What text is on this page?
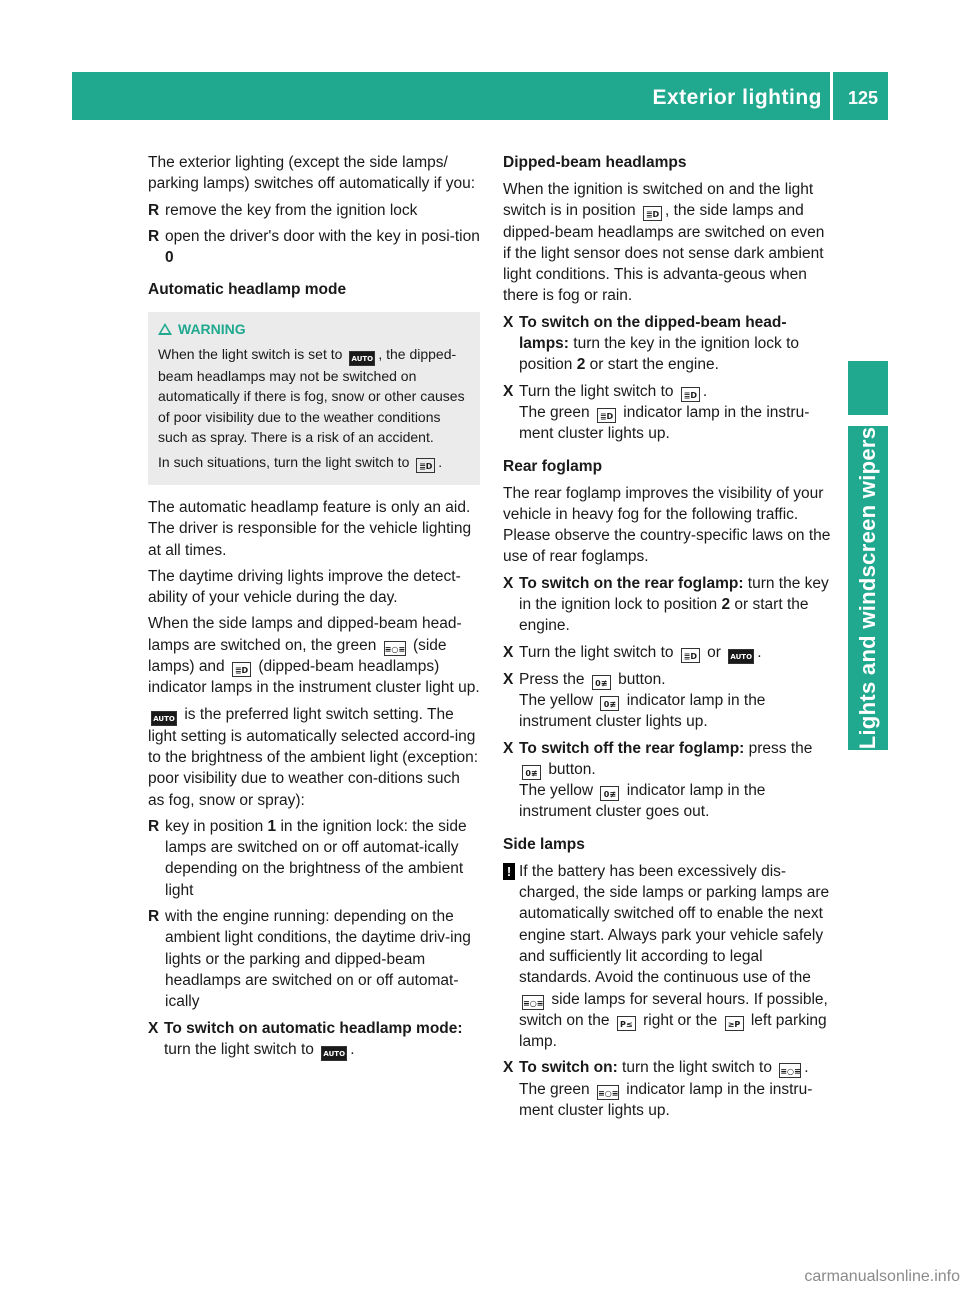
Exterior lighting	125
Lights and windscreen wipers

The exterior lighting (except the side lamps/ parking lamps) switches off automatically if you:

R remove the key from the ignition lock
R open the driver's door with the key in posi-tion 0
Automatic headlamp mode
WARNING

When the light switch is set to AUTO , the dipped-beam headlamps may not be switched on automatically if there is fog, snow or other causes of poor visibility due to the weather conditions such as spray. There is a risk of an accident.

In such situations, turn the light switch to ≣D .

The automatic headlamp feature is only an aid. The driver is responsible for the vehicle lighting at all times.

The daytime driving lights improve the detect-ability of your vehicle during the day.

When the side lamps and dipped-beam head-lamps are switched on, the green ≡○≡ (side lamps) and ≣D (dipped-beam headlamps) indicator lamps in the instrument cluster light up.

AUTO is the preferred light switch setting. The light setting is automatically selected accord-ing to the brightness of the ambient light (exception: poor visibility due to weather con-ditions such as fog, snow or spray):

R key in position 1 in the ignition lock: the side lamps are switched on or off automat-ically depending on the brightness of the ambient light
R with the engine running: depending on the ambient light conditions, the daytime driv-ing lights or the parking and dipped-beam headlamps are switched on or off automat-ically
X To switch on automatic headlamp mode: turn the light switch to AUTO .
Dipped-beam headlamps

When the ignition is switched on and the light switch is in position ≣D , the side lamps and dipped-beam headlamps are switched on even if the light sensor does not sense dark ambient light conditions. This is advanta-geous when there is fog or rain.

X To switch on the dipped-beam head-lamps: turn the key in the ignition lock to position 2 or start the engine.
X Turn the light switch to ≣D .
The green ≣D indicator lamp in the instru-ment cluster lights up.
Rear foglamp

The rear foglamp improves the visibility of your vehicle in heavy fog for the following traffic. Please observe the country-specific laws on the use of rear foglamps.

X To switch on the rear foglamp: turn the key in the ignition lock to position 2 or start the engine.
X Turn the light switch to ≣D or AUTO .
X Press the 0≢ button.
The yellow 0≢ indicator lamp in the instrument cluster lights up.
X To switch off the rear foglamp: press the
0≢ button.
The yellow 0≢ indicator lamp in the instrument cluster goes out.
Side lamps
! If the battery has been excessively dis-charged, the side lamps or parking lamps are automatically switched off to enable the next engine start. Always park your vehicle safely and sufficiently lit according to legal standards. Avoid the continuous use of the ≡○≡ side lamps for several hours. If possible, switch on the P≤ right or the ≥P left parking lamp.
X To switch on: turn the light switch to ≡○≡ .
The green ≡○≡ indicator lamp in the instru-ment cluster lights up.
carmanualsonline.info
